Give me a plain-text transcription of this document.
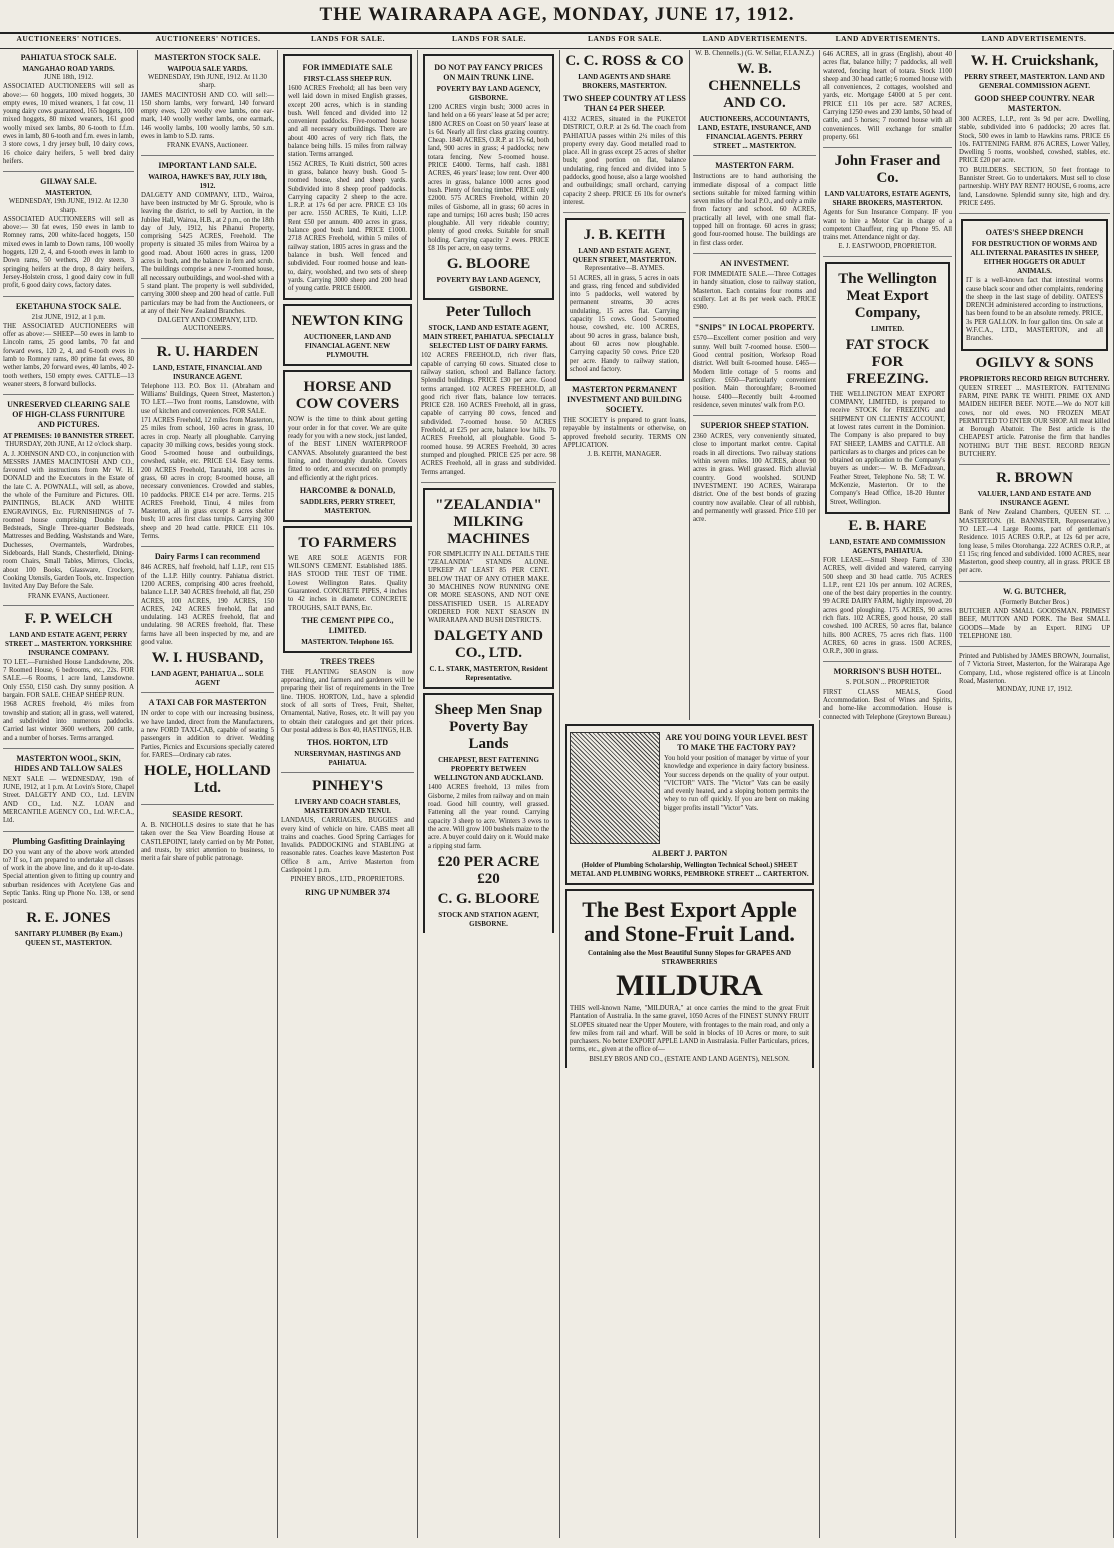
THE WAIRARAPA AGE, MONDAY, JUNE 17, 1912.
AUCTIONEERS' NOTICES.	AUCTIONEERS' NOTICES.	LANDS FOR SALE.	LANDS FOR SALE.	LANDS FOR SALE.	LAND ADVERTISEMENTS.	LAND ADVERTISEMENTS.	LAND ADVERTISEMENTS.
PAHIATUA STOCK SALE.
MANGAHAO ROAD YARDS.
JUNE 18th, 1912.
ASSOCIATED AUCTIONEERS will sell as above:— 60 hoggets, 100 mixed hoggets, 30 empty ewes, 10 mixed weaners, 1 fat cow, 11 young dairy cows guaranteed, 165 hoggets, 100 mixed hoggets, 80 mixed weaners, 161 good woolly mixed sex lambs, 80 6-tooth to f.f.m. ewes in lamb, 80 6-tooth and f.m. ewes in lamb, 3 store cows, 1 dry jersey bull, 10 dairy cows, 16 choice dairy heifers, 5 well bred dairy heifers.
GILWAY SALE.
MASTERTON.
WEDNESDAY, 19th JUNE, 1912. At 12.30 sharp.
ASSOCIATED AUCTIONEERS will sell as above:— 30 fat ewes, 150 ewes in lamb to Romney rams, 200 white-faced hoggets, 150 mixed ewes in lamb to Down rams, 100 woolly hoggets, 120 2, 4, and 6-tooth ewes in lamb to Down rams, 50 wethers, 20 dry steers, 3 springing heifers at the drop, 8 dairy heifers, Jersey-Holstein cross, 1 good dairy cow in full profit, 6 good dairy cows, factory dates.
EKETAHUNA STOCK SALE.
21st JUNE, 1912, at 1 p.m.
THE ASSOCIATED AUCTIONEERS will offer as above:— SHEEP—50 ewes in lamb to Lincoln rams, 25 good lambs, 70 fat and forward ewes, 120 2, 4, and 6-tooth ewes in lamb to Romney rams, 80 prime fat ewes, 80 wether lambs, 20 forward ewes, 40 lambs, 40 2-tooth wethers, 150 empty ewes. CATTLE—13 weaner steers, 8 forward bullocks.
UNRESERVED CLEARING SALE OF HIGH-CLASS FURNITURE AND PICTURES.
AT PREMISES: 10 BANNISTER STREET.
THURSDAY, 20th JUNE, At 12 o'clock sharp.
A. J. JOHNSON AND CO., in conjunction with MESSRS JAMES MACINTOSH AND CO., favoured with instructions from Mr W. H. DONALD and the Executors in the Estate of the late C. A. POWNALL, will sell, as above, the whole of the Furniture and Pictures. OIL PAINTINGS, BLACK AND WHITE ENGRAVINGS, Etc. FURNISHINGS of 7-roomed house comprising Double Iron Bedsteads, Single Three-quarter Bedsteads, Mattresses and Bedding, Washstands and Ware, Duchesses, Overmantels, Wardrobes, Sideboards, Hall Stands, Chesterfield, Dining-room Chairs, Small Tables, Mirrors, Clocks, about 100 Books, Glassware, Crockery, Cooking Utensils, Garden Tools, etc. Inspection Invited Any Day Before the Sale.
FRANK EVANS, Auctioneer.
F. P. WELCH
LAND AND ESTATE AGENT, PERRY STREET ... MASTERTON. YORKSHIRE INSURANCE COMPANY.
TO LET.—Furnished House Landsdowne, 20s. 7 Roomed House, 6 bedrooms, etc., 22s. FOR SALE.—6 Rooms, 1 acre land, Lansdowne. Only £550, £150 cash. Dry sunny position. A bargain. FOR SALE. CHEAP SHEEP RUN.
1968 ACRES freehold, 4½ miles from township and station; all in grass, well watered, and subdivided into numerous paddocks. Carried last winter 3600 wethers, 200 cattle, and a number of horses. Terms arranged.
MASTERTON WOOL, SKIN, HIDES AND TALLOW SALES
NEXT SALE — WEDNESDAY, 19th of JUNE, 1912, at 1 p.m. At Lovin's Store, Chapel Street. DALGETY AND CO., Ltd. LEVIN AND CO., Ltd. N.Z. LOAN and MERCANTILE AGENCY CO., Ltd. W.F.C.A., Ltd.
Plumbing Gasfitting Drainlaying
DO you want any of the above work attended to? If so, I am prepared to undertake all classes of work in the above line, and do it up-to-date. Special attention given to fitting up country and suburban residences with Acetylene Gas and Septic Tanks. Ring up Phone No. 138, or send postcard.
R. E. JONES
SANITARY PLUMBER (By Exam.) QUEEN ST., MASTERTON.
MASTERTON STOCK SALE.
WAIPOUA SALE YARDS.
WEDNESDAY, 19th JUNE, 1912. At 11.30 sharp.
JAMES MACINTOSH AND CO. will sell:— 150 shorn lambs, very forward, 140 forward empty ewes, 120 woolly ewe lambs, one ear-mark, 140 woolly wether lambs, one earmark, 146 woolly lambs, 100 woolly lambs, 50 s.m. ewes in lamb to S.D. rams.
FRANK EVANS, Auctioneer.
IMPORTANT LAND SALE.
WAIROA, HAWKE'S BAY, JULY 18th, 1912.
DALGETY AND COMPANY, LTD., Wairoa, have been instructed by Mr G. Sproule, who is leaving the district, to sell by Auction, in the Jubilee Hall, Wairoa, H.B., at 2 p.m., on the 18th day of July, 1912, his Pihanui Property, comprising 5425 ACRES, Freehold. The property is situated 35 miles from Wairoa by a good road. About 1600 acres in grass, 1200 acres in bush, and the balance in fern and scrub. The buildings comprise a new 7-roomed house, all necessary outbuildings, and wool-shed with a 5 stand plant. The property is well subdivided, carrying 3000 sheep and 200 head of cattle. Full particulars may be had from the Auctioneers, or at any of their New Zealand Branches.
DALGETY AND COMPANY, LTD. AUCTIONEERS.
R. U. HARDEN
LAND, ESTATE, FINANCIAL AND INSURANCE AGENT.
Telephone 113. P.O. Box 11. (Abraham and Williams' Buildings, Queen Street, Masterton.) TO LET.—Two front rooms, Lansdowne, with use of kitchen and conveniences. FOR SALE.
171 ACRES Freehold, 12 miles from Masterton, 25 miles from school, 160 acres in grass, 10 acres in crop. Nearly all ploughable. Carrying capacity 30 milking cows, besides young stock. Good 5-roomed house and outbuildings, cowshed, stable, etc. PRICE £14. Easy terms. 200 ACRES Freehold, Taratahi, 108 acres in grass, 60 acres in crop; 8-roomed house, all necessary conveniences. Crowded and stables, 10 paddocks. PRICE £14 per acre. Terms. 215 ACRES Freehold, Tinui, 4 miles from Masterton, all in grass except 8 acres shelter bush; 10 acres first class turnips. Carrying 300 sheep and 20 head cattle. PRICE £11 10s. Terms.
Dairy Farms I can recommend
846 ACRES, half freehold, half L.I.P., rent £15 of the L.I.P. Hilly country. Pahiatua district. 1200 ACRES, comprising 400 acres freehold, balance L.I.P. 340 ACRES freehold, all flat, 250 ACRES, 100 ACRES, 190 ACRES, 150 ACRES, 242 ACRES freehold, flat and undulating. 143 ACRES freehold, flat and undulating. 98 ACRES freehold, flat. These farms have all been inspected by me, and are good value.
W. I. HUSBAND,
LAND AGENT, PAHIATUA ... SOLE AGENT
A TAXI CAB FOR MASTERTON
IN order to cope with our increasing business, we have landed, direct from the Manufacturers, a new FORD TAXI-CAB, capable of seating 5 passengers in addition to driver. Wedding Parties, Picnics and Excursions specially catered for. FARES—Ordinary cab rates.
HOLE, HOLLAND Ltd.
SEASIDE RESORT.
A. B. NICHOLLS desires to state that he has taken over the Sea View Boarding House at CASTLEPOINT, lately carried on by Mr Potter, and trusts, by strict attention to business, to merit a fair share of public patronage.
FOR IMMEDIATE SALE
FIRST-CLASS SHEEP RUN.
1600 ACRES Freehold; all has been very well laid down in mixed English grasses, except 200 acres, which is in standing bush. Well fenced and divided into 12 convenient paddocks. Five-roomed house and all necessary outbuildings. There are about 400 acres of very rich flats, the balance being hills. 15 miles from railway station. Terms arranged.
1562 ACRES, Te Kuiti district, 500 acres in grass, balance heavy bush. Good 5-roomed house, shed and sheep yards. Subdivided into 8 sheep proof paddocks. Carrying capacity 2 sheep to the acre. L.R.P. at 17s 6d per acre. PRICE £3 10s per acre. 1550 ACRES, Te Kuiti, L.I.P. Rent £50 per annum. 400 acres in grass, balance good bush land. PRICE £1000. 2718 ACRES Freehold, within 5 miles of railway station, 1805 acres in grass and the balance in bush. Well fenced and subdivided. Four roomed house and lean-to, dairy, woolshed, and two sets of sheep yards. Carrying 3000 sheep and 200 head of young cattle. PRICE £6000.
NEWTON KING
AUCTIONEER, LAND AND FINANCIAL AGENT. NEW PLYMOUTH.
HORSE AND COW COVERS
NOW is the time to think about getting your order in for that cover. We are quite ready for you with a new stock, just landed, of the BEST LINEN WATERPROOF CANVAS. Absolutely guaranteed the best lining, and thoroughly durable. Covers fitted to order, and executed on promptly and efficiently at the right prices.
HARCOMBE & DONALD,
SADDLERS, PERRY STREET, MASTERTON.
TO FARMERS
WE ARE SOLE AGENTS FOR WILSON'S CEMENT. Established 1885. HAS STOOD THE TEST OF TIME. Lowest Wellington Rates. Quality Guaranteed. CONCRETE PIPES, 4 inches to 42 inches in diameter. CONCRETE TROUGHS, SALT PANS, Etc.
THE CEMENT PIPE CO., LIMITED.
MASTERTON. Telephone 165.
TREES TREES
THE PLANTING SEASON is now approaching, and farmers and gardeners will be preparing their list of requirements in the Tree line. THOS. HORTON, Ltd., have a splendid stock of all sorts of Trees, Fruit, Shelter, Ornamental, Native, Roses, etc. It will pay you to obtain their catalogues and get their prices. Our postal address is Box 40, HASTINGS, H.B.
THOS. HORTON, LTD
NURSERYMAN, HASTINGS AND PAHIATUA.
PINHEY'S
LIVERY AND COACH STABLES, MASTERTON AND TENUI.
LANDAUS, CARRIAGES, BUGGIES and every kind of vehicle on hire. CABS meet all trains and coaches. Good Spring Carriages for Invalids. PADDOCKING and STABLING at reasonable rates. Coaches leave Masterton Post Office 8 a.m., Arrive Masterton from Castlepoint 1 p.m.
PINHEY BROS., LTD., PROPRIETORS.
RING UP NUMBER 374
DO NOT PAY FANCY PRICES ON MAIN TRUNK LINE.
POVERTY BAY LAND AGENCY, GISBORNE.
1200 ACRES virgin bush; 3000 acres in land held on a 66 years' lease at 5d per acre; 1800 ACRES on Coast on 50 years' lease at 1s 6d. Nearly all first class grazing country. Cheap. 1840 ACRES, O.R.P. at 17s 6d, both land, 900 acres in grass; 4 paddocks; new totara fencing. New 5-roomed house. PRICE £4000. Terms, half cash. 1881 ACRES, 46 years' lease; low rent. Over 400 acres in grass, balance 1000 acres good bush. Plenty of fencing timber. PRICE only £2000. 575 ACRES Freehold, within 20 miles of Gisborne, all in grass; 60 acres in rape and turnips; 160 acres bush; 150 acres ploughable. All very rideable country; plenty of good creeks. Suitable for small holding. Carrying capacity 2 ewes. PRICE £8 10s per acre, on easy terms.
G. BLOORE
POVERTY BAY LAND AGENCY, GISBORNE.
Peter Tulloch
STOCK, LAND AND ESTATE AGENT, MAIN STREET, PAHIATUA. SPECIALLY SELECTED LIST OF DAIRY FARMS.
102 ACRES FREEHOLD, rich river flats, capable of carrying 60 cows. Situated close to railway station, school and Ballance factory. Splendid buildings. PRICE £30 per acre. Good terms arranged. 102 ACRES FREEHOLD, all good rich river flats, balance low terraces. PRICE £28. 160 ACRES Freehold, all in grass, capable of carrying 80 cows, fenced and subdivided. 7-roomed house. 50 ACRES Freehold, at £25 per acre, balance low hills. 70 ACRES Freehold, all ploughable. Good 5-roomed house. 99 ACRES Freehold, 30 acres stumped and ploughed. PRICE £25 per acre. 98 ACRES Freehold, all in grass and subdivided. Terms arranged.
"ZEALANDIA" MILKING MACHINES
FOR SIMPLICITY IN ALL DETAILS THE "ZEALANDIA" STANDS ALONE. UPKEEP AT LEAST 85 PER CENT. BELOW THAT OF ANY OTHER MAKE. 30 MACHINES NOW RUNNING ONE OR MORE SEASONS, AND NOT ONE DISSATISFIED USER. 15 ALREADY ORDERED FOR NEXT SEASON IN WAIRARAPA AND BUSH DISTRICTS.
DALGETY AND CO., LTD.
C. L. STARK, MASTERTON, Resident Representative.
Sheep Men Snap Poverty Bay Lands
CHEAPEST, BEST FATTENING PROPERTY BETWEEN WELLINGTON AND AUCKLAND.
1400 ACRES freehold, 13 miles from Gisborne, 2 miles from railway and on main road. Good hill country, well grassed. Fattening all the year round. Carrying capacity 3 sheep to acre. Winters 3 ewes to the acre. Will grow 100 bushels maize to the acre. A buyer could dairy on it. Would make a ripping stud farm.
£20 PER ACRE £20
C. G. BLOORE
STOCK AND STATION AGENT, GISBORNE.
C. C. ROSS & CO
LAND AGENTS AND SHARE BROKERS, MASTERTON.
TWO SHEEP COUNTRY AT LESS THAN £4 PER SHEEP.
4132 ACRES, situated in the PUKETOI DISTRICT, O.R.P. at 2s 6d. The coach from PAHIATUA passes within 2¼ miles of this property every day. Good metalled road to place. All in grass except 25 acres of shelter bush; good portion on flat, balance undulating, ring fenced and divided into 5 paddocks, good house, also a large woolshed and outbuildings; small orchard, carrying capacity 2 sheep. PRICE £6 10s for owner's interest.
J. B. KEITH
LAND AND ESTATE AGENT, QUEEN STREET, MASTERTON.
Representative—B. AYMES.
51 ACRES, all in grass, 5 acres in oats and grass, ring fenced and subdivided into 5 paddocks, well watered by permanent streams, 30 acres undulating, 15 acres flat. Carrying capacity 15 cows. Good 5-roomed house, cowshed, etc. 100 ACRES, about 90 acres in grass, balance bush, about 60 acres now ploughable. Carrying capacity 50 cows. Price £20 per acre. Handy to railway station, school and factory.
MASTERTON PERMANENT INVESTMENT AND BUILDING SOCIETY.
THE SOCIETY is prepared to grant loans, repayable by instalments or otherwise, on approved freehold security. TERMS ON APPLICATION.
J. B. KEITH, MANAGER.
ARE YOU DOING YOUR LEVEL BEST TO MAKE THE FACTORY PAY?
You hold your position of manager by virtue of your knowledge and experience in dairy factory business. Your success depends on the quality of your output. "VICTOR" VATS. The "Victor" Vats can be easily and evenly heated, and a sloping bottom permits the whey to run off quickly. If you are bent on making bigger profits install "Victor" Vats.
ALBERT J. PARTON
(Holder of Plumbing Scholarship, Wellington Technical School.) SHEET METAL AND PLUMBING WORKS, PEMBROKE STREET ... CARTERTON.
The Best Export Apple and Stone-Fruit Land.
Containing also the Most Beautiful Sunny Slopes for GRAPES AND STRAWBERRIES
MILDURA
THIS well-known Name, "MILDURA," at once carries the mind to the great Fruit Plantation of Australia. In the same gravel, 1050 Acres of the FINEST SUNNY FRUIT SLOPES situated near the Upper Moutere, with frontages to the main road, and only a few miles from rail and wharf. Will be sold in blocks of 10 Acres or more, to suit purchasers. No better EXPORT APPLE LAND in Australasia. Fuller Particulars, prices, terms, etc., given at the office of—
BISLEY BROS AND CO., (ESTATE AND LAND AGENTS), NELSON.
W. B. Chennells.) (G. W. Sellar, F.I.A.N.Z.)
W. B. CHENNELLS AND CO.
AUCTIONEERS, ACCOUNTANTS, LAND, ESTATE, INSURANCE, AND FINANCIAL AGENTS. PERRY STREET ... MASTERTON.
MASTERTON FARM.
Instructions are to hand authorising the immediate disposal of a compact little sections suitable for mixed farming within seven miles of the local P.O., and only a mile from factory and school. 60 ACRES, practically all level, with one small flat-topped hill on frontage. 60 acres in grass; good four-roomed house. The buildings are in first class order.
AN INVESTMENT.
FOR IMMEDIATE SALE.—Three Cottages in handy situation, close to railway station, Masterton. Each contains four rooms and scullery. Let at 8s per week each. PRICE £980.
"SNIPS" IN LOCAL PROPERTY.
£570—Excellent corner position and very sunny. Well built 7-roomed house. £500—Good central position, Worksop Road district. Well built 6-roomed house. £465—Modern little cottage of 5 rooms and scullery. £650—Particularly convenient position. Main thoroughfare; 8-roomed house. £400—Recently built 4-roomed residence, seven minutes' walk from P.O.
SUPERIOR SHEEP STATION.
2360 ACRES, very conveniently situated, close to important market centre. Capital roads in all directions. Two railway stations within seven miles. 100 ACRES, about 90 acres in grass. Well grassed. Rich alluvial country. Good woolshed. SOUND INVESTMENT. 190 ACRES, Wairarapa district. One of the best bonds of grazing country now available. Clear of all rubbish, and permanently well grassed. Price £10 per acre.
646 ACRES, all in grass (English), about 40 acres flat, balance hilly; 7 paddocks, all well watered, fencing heart of totara. Stock 1100 sheep and 30 head cattle; 6 roomed house with all conveniences, 2 cottages, woolshed and yards, etc. Mortgage £4000 at 5 per cent. PRICE £11 10s per acre. 587 ACRES, Carrying 1250 ewes and 230 lambs, 50 head of cattle, and 5 horses; 7 roomed house with all conveniences. Will exchange for smaller property. 661
John Fraser and Co.
LAND VALUATORS, ESTATE AGENTS, SHARE BROKERS, MASTERTON.
Agents for Sun Insurance Company. IF you want to hire a Motor Car in charge of a competent Chauffeur, ring up Phone 95. All trains met. Attendance night or day.
E. J. EASTWOOD, PROPRIETOR.
The Wellington Meat Export Company,
LIMITED.
FAT STOCK FOR FREEZING.
THE WELLINGTON MEAT EXPORT COMPANY, LIMITED, is prepared to receive STOCK for FREEZING and SHIPMENT ON CLIENTS' ACCOUNT, at lowest rates current in the Dominion. The Company is also prepared to buy FAT SHEEP, LAMBS and CATTLE. All particulars as to charges and prices can be obtained on application to the Company's buyers as under:— W. B. McFadzean, Feather Street, Telephone No. 58; T. W. McKenzie, Masterton. Or to the Company's Head Office, 18-20 Hunter Street, Wellington.
E. B. HARE
LAND, ESTATE AND COMMISSION AGENTS, PAHIATUA.
FOR LEASE.—Small Sheep Farm of 330 ACRES, well divided and watered, carrying 500 sheep and 30 head cattle. 705 ACRES L.I.P., rent £21 10s per annum. 102 ACRES, one of the best dairy properties in the country. 99 ACRE DAIRY FARM, highly improved, 20 acres good ploughing. 175 ACRES, 90 acres rich flats. 102 ACRES, good house, 20 stall cowshed. 100 ACRES, 50 acres flat, balance hills. 800 ACRES, 75 acres rich flats. 1100 ACRES, 60 acres in grass. 1500 ACRES, O.R.P., 300 in grass.
MORRISON'S BUSH HOTEL.
S. POLSON ... PROPRIETOR
FIRST CLASS MEALS, Good Accommodation. Best of Wines and Spirits, and home-like accommodation. House is connected with Telephone (Greytown Bureau.)
W. H. Cruickshank,
PERRY STREET, MASTERTON. LAND AND GENERAL COMMISSION AGENT.
GOOD SHEEP COUNTRY. NEAR MASTERTON.
300 ACRES, L.I.P., rent 3s 9d per acre. Dwelling, stable, subdivided into 6 paddocks; 20 acres flat. Stock, 500 ewes in lamb to Hawkins rams. PRICE £6 10s. FATTENING FARM. 876 ACRES, Lower Valley, Dwelling 5 rooms, woolshed, cowshed, stables, etc. PRICE £20 per acre.
TO BUILDERS. SECTION, 50 feet frontage to Bannister Street. Go to undertakers. Must sell to close partnership. WHY PAY RENT? HOUSE, 6 rooms, acre land, Lansdowne. Splendid sunny site, high and dry. PRICE £495.
OATES'S SHEEP DRENCH
FOR DESTRUCTION OF WORMS AND ALL INTERNAL PARASITES IN SHEEP, EITHER HOGGETS OR ADULT ANIMALS.
IT is a well-known fact that intestinal worms cause black scour and other complaints, rendering the sheep in the last stage of debility. OATES'S DRENCH administered according to instructions, has been found to be an absolute remedy. PRICE, 3s PER GALLON. In four gallon tins. On sale at W.F.C.A., LTD., MASTERTON, and all Branches.
OGILVY & SONS
PROPRIETORS RECORD REIGN BUTCHERY.
QUEEN STREET ... MASTERTON. FATTENING FARM, PINE PARK TE WHITI. PRIME OX AND MAIDEN HEIFER BEEF. NOTE.—We do NOT kill cows, nor old ewes. NO FROZEN MEAT PERMITTED TO ENTER OUR SHOP. All meat killed at Borough Abattoir. The Best article is the CHEAPEST article. Patronise the firm that handles NOTHING BUT THE BEST. RECORD REIGN BUTCHERY.
R. BROWN
VALUER, LAND AND ESTATE AND INSURANCE AGENT.
Bank of New Zealand Chambers, QUEEN ST. ... MASTERTON. (H. BANNISTER, Representative.) TO LET.—4 Large Rooms, part of gentleman's Residence. 1015 ACRES O.R.P., at 12s 6d per acre, long lease, 5 miles Otorohanga. 222 ACRES O.R.P., at £1 15s; ring fenced and subdivided. 1000 ACRES, near Masterton, good sheep country, all in grass. PRICE £8 per acre.
W. G. BUTCHER,
(Formerly Butcher Bros.)
BUTCHER AND SMALL GOODSMAN. PRIMEST BEEF, MUTTON AND PORK. The Best SMALL GOODS—Made by an Expert. RING UP TELEPHONE 180.
Printed and Published by JAMES BROWN, Journalist, of 7 Victoria Street, Masterton, for the Wairarapa Age Company, Ltd., whose registered office is at Lincoln Road, Masterton.
MONDAY, JUNE 17, 1912.
